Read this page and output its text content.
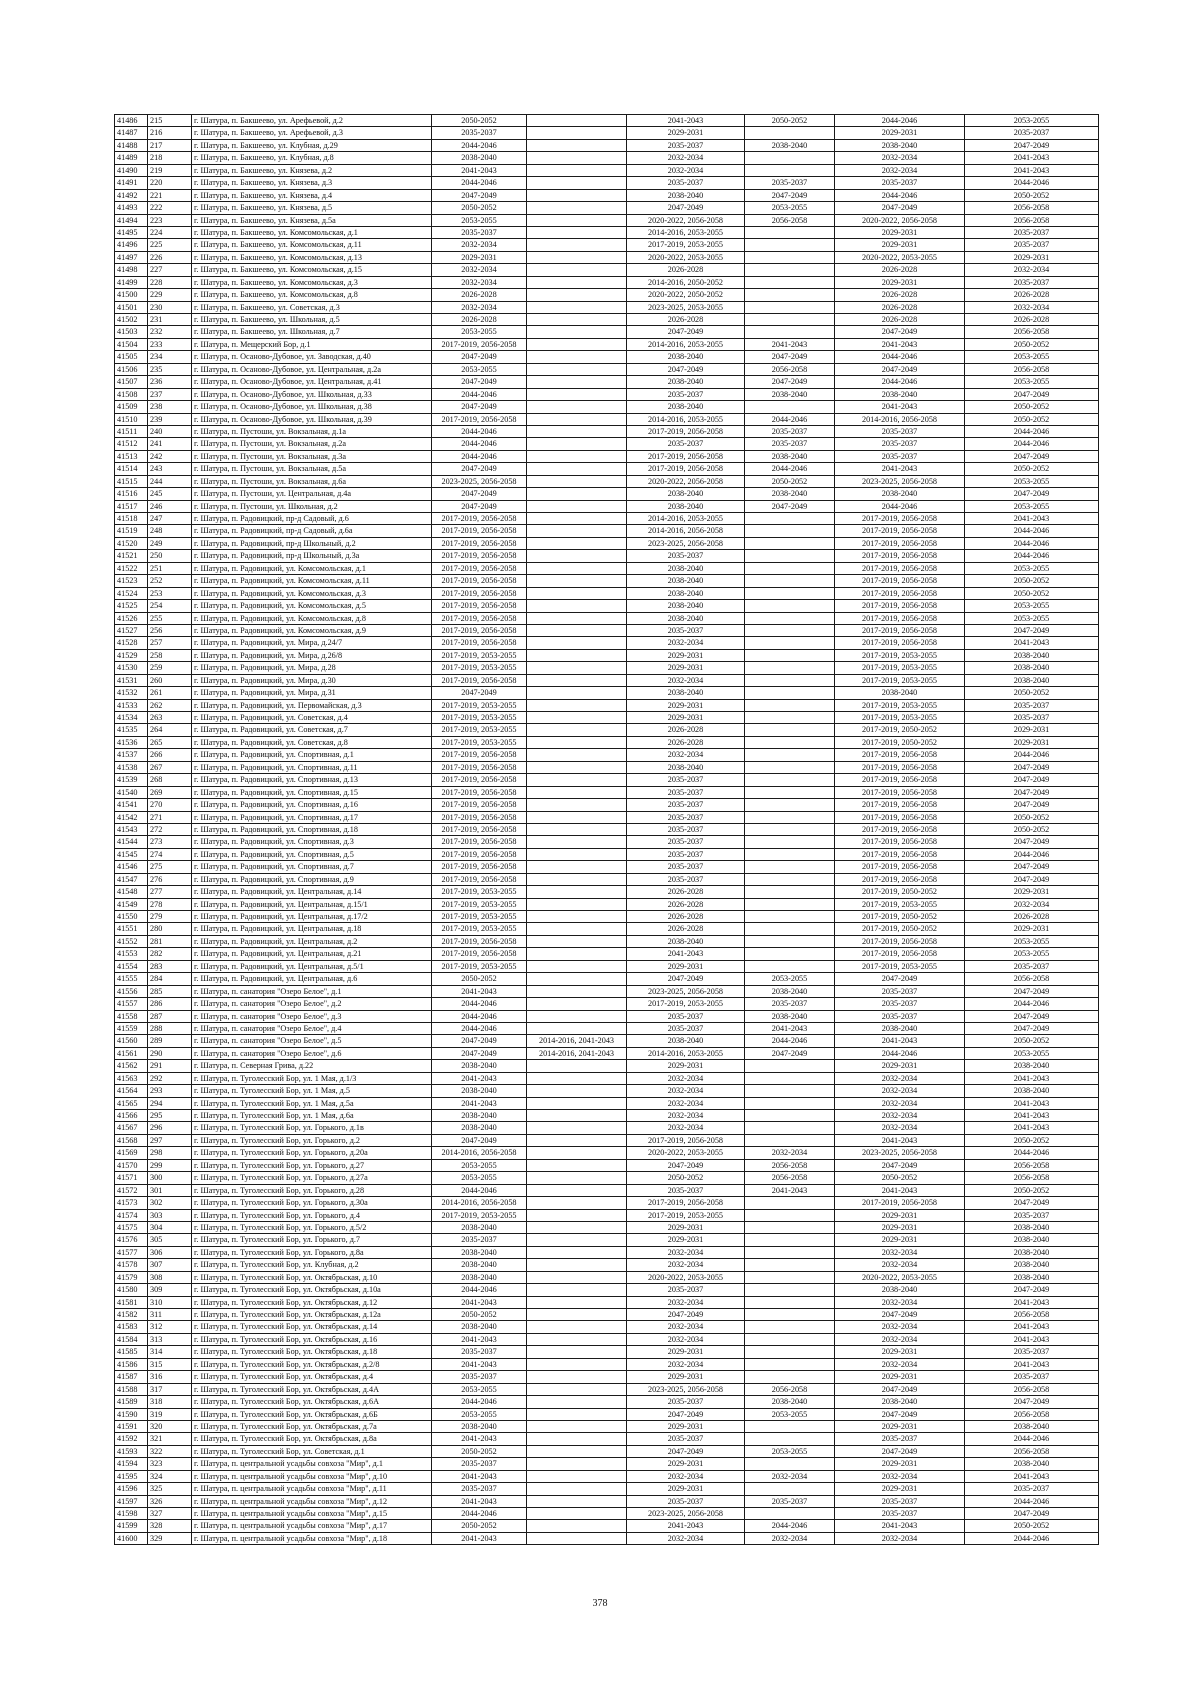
41486	215	г. Шатура, п. Бакшеево, ул. Арефьевой, д.2	2050-2052		2041-2043	2050-2052	2044-2046	2053-2055
41487	216	г. Шатура, п. Бакшеево, ул. Арефьевой, д.3	2035-2037		2029-2031		2029-2031	2035-2037
41488	217	г. Шатура, п. Бакшеево, ул. Клубная, д.29	2044-2046		2035-2037	2038-2040	2038-2040	2047-2049
41489	218	г. Шатура, п. Бакшеево, ул. Клубная, д.8	2038-2040		2032-2034		2032-2034	2041-2043
41490	219	г. Шатура, п. Бакшеево, ул. Князева, д.2	2041-2043		2032-2034		2032-2034	2041-2043
41491	220	г. Шатура, п. Бакшеево, ул. Князева, д.3	2044-2046		2035-2037	2035-2037	2035-2037	2044-2046
41492	221	г. Шатура, п. Бакшеево, ул. Князева, д.4	2047-2049		2038-2040	2047-2049	2044-2046	2050-2052
41493	222	г. Шатура, п. Бакшеево, ул. Князева, д.5	2050-2052		2047-2049	2053-2055	2047-2049	2056-2058
41494	223	г. Шатура, п. Бакшеево, ул. Князева, д.5а	2053-2055		2020-2022, 2056-2058	2056-2058	2020-2022, 2056-2058	2056-2058
41495	224	г. Шатура, п. Бакшеево, ул. Комсомольская, д.1	2035-2037		2014-2016, 2053-2055		2029-2031	2035-2037
41496	225	г. Шатура, п. Бакшеево, ул. Комсомольская, д.11	2032-2034		2017-2019, 2053-2055		2029-2031	2035-2037
41497	226	г. Шатура, п. Бакшеево, ул. Комсомольская, д.13	2029-2031		2020-2022, 2053-2055		2020-2022, 2053-2055	2029-2031
41498	227	г. Шатура, п. Бакшеево, ул. Комсомольская, д.15	2032-2034		2026-2028		2026-2028	2032-2034
41499	228	г. Шатура, п. Бакшеево, ул. Комсомольская, д.3	2032-2034		2014-2016, 2050-2052		2029-2031	2035-2037
41500	229	г. Шатура, п. Бакшеево, ул. Комсомольская, д.8	2026-2028		2020-2022, 2050-2052		2026-2028	2026-2028
41501	230	г. Шатура, п. Бакшеево, ул. Советская, д.3	2032-2034		2023-2025, 2053-2055		2026-2028	2032-2034
41502	231	г. Шатура, п. Бакшеево, ул. Школьная, д.5	2026-2028		2026-2028		2026-2028	2026-2028
41503	232	г. Шатура, п. Бакшеево, ул. Школьная, д.7	2053-2055		2047-2049		2047-2049	2056-2058
41504	233	г. Шатура, п. Мещерский Бор, д.1	2017-2019, 2056-2058		2014-2016, 2053-2055	2041-2043	2041-2043	2050-2052
41505	234	г. Шатура, п. Осаново-Дубовое, ул. Заводская, д.40	2047-2049		2038-2040	2047-2049	2044-2046	2053-2055
41506	235	г. Шатура, п. Осаново-Дубовое, ул. Центральная, д.2а	2053-2055		2047-2049	2056-2058	2047-2049	2056-2058
41507	236	г. Шатура, п. Осаново-Дубовое, ул. Центральная, д.41	2047-2049		2038-2040	2047-2049	2044-2046	2053-2055
41508	237	г. Шатура, п. Осаново-Дубовое, ул. Школьная, д.33	2044-2046		2035-2037	2038-2040	2038-2040	2047-2049
41509	238	г. Шатура, п. Осаново-Дубовое, ул. Школьная, д.38	2047-2049		2038-2040		2041-2043	2050-2052
41510	239	г. Шатура, п. Осаново-Дубовое, ул. Школьная, д.39	2017-2019, 2056-2058		2014-2016, 2053-2055	2044-2046	2014-2016, 2056-2058	2050-2052
41511	240	г. Шатура, п. Пустоши, ул. Вокзальная, д.1а	2044-2046		2017-2019, 2056-2058	2035-2037	2035-2037	2044-2046
41512	241	г. Шатура, п. Пустоши, ул. Вокзальная, д.2а	2044-2046		2035-2037	2035-2037	2035-2037	2044-2046
41513	242	г. Шатура, п. Пустоши, ул. Вокзальная, д.3а	2044-2046		2017-2019, 2056-2058	2038-2040	2035-2037	2047-2049
41514	243	г. Шатура, п. Пустоши, ул. Вокзальная, д.5а	2047-2049		2017-2019, 2056-2058	2044-2046	2041-2043	2050-2052
41515	244	г. Шатура, п. Пустоши, ул. Вокзальная, д.6а	2023-2025, 2056-2058		2020-2022, 2056-2058	2050-2052	2023-2025, 2056-2058	2053-2055
41516	245	г. Шатура, п. Пустоши, ул. Центральная, д.4а	2047-2049		2038-2040	2038-2040	2038-2040	2047-2049
41517	246	г. Шатура, п. Пустоши, ул. Школьная, д.2	2047-2049		2038-2040	2047-2049	2044-2046	2053-2055
41518	247	г. Шатура, п. Радовицкий, пр-д Садовый, д.6	2017-2019, 2056-2058		2014-2016, 2053-2055		2017-2019, 2056-2058	2041-2043
41519	248	г. Шатура, п. Радовицкий, пр-д Садовый, д.6а	2017-2019, 2056-2058		2014-2016, 2056-2058		2017-2019, 2056-2058	2044-2046
41520	249	г. Шатура, п. Радовицкий, пр-д Школьный, д.2	2017-2019, 2056-2058		2023-2025, 2056-2058		2017-2019, 2056-2058	2044-2046
41521	250	г. Шатура, п. Радовицкий, пр-д Школьный, д.3а	2017-2019, 2056-2058		2035-2037		2017-2019, 2056-2058	2044-2046
41522	251	г. Шатура, п. Радовицкий, ул. Комсомольская, д.1	2017-2019, 2056-2058		2038-2040		2017-2019, 2056-2058	2053-2055
41523	252	г. Шатура, п. Радовицкий, ул. Комсомольская, д.11	2017-2019, 2056-2058		2038-2040		2017-2019, 2056-2058	2050-2052
41524	253	г. Шатура, п. Радовицкий, ул. Комсомольская, д.3	2017-2019, 2056-2058		2038-2040		2017-2019, 2056-2058	2050-2052
41525	254	г. Шатура, п. Радовицкий, ул. Комсомольская, д.5	2017-2019, 2056-2058		2038-2040		2017-2019, 2056-2058	2053-2055
41526	255	г. Шатура, п. Радовицкий, ул. Комсомольская, д.8	2017-2019, 2056-2058		2038-2040		2017-2019, 2056-2058	2053-2055
41527	256	г. Шатура, п. Радовицкий, ул. Комсомольская, д.9	2017-2019, 2056-2058		2035-2037		2017-2019, 2056-2058	2047-2049
41528	257	г. Шатура, п. Радовицкий, ул. Мира, д.24/7	2017-2019, 2056-2058		2032-2034		2017-2019, 2056-2058	2041-2043
41529	258	г. Шатура, п. Радовицкий, ул. Мира, д.26/8	2017-2019, 2053-2055		2029-2031		2017-2019, 2053-2055	2038-2040
41530	259	г. Шатура, п. Радовицкий, ул. Мира, д.28	2017-2019, 2053-2055		2029-2031		2017-2019, 2053-2055	2038-2040
41531	260	г. Шатура, п. Радовицкий, ул. Мира, д.30	2017-2019, 2056-2058		2032-2034		2017-2019, 2053-2055	2038-2040
41532	261	г. Шатура, п. Радовицкий, ул. Мира, д.31	2047-2049		2038-2040		2038-2040	2050-2052
41533	262	г. Шатура, п. Радовицкий, ул. Первомайская, д.3	2017-2019, 2053-2055		2029-2031		2017-2019, 2053-2055	2035-2037
41534	263	г. Шатура, п. Радовицкий, ул. Советская, д.4	2017-2019, 2053-2055		2029-2031		2017-2019, 2053-2055	2035-2037
41535	264	г. Шатура, п. Радовицкий, ул. Советская, д.7	2017-2019, 2053-2055		2026-2028		2017-2019, 2050-2052	2029-2031
41536	265	г. Шатура, п. Радовицкий, ул. Советская, д.8	2017-2019, 2053-2055		2026-2028		2017-2019, 2050-2052	2029-2031
41537	266	г. Шатура, п. Радовицкий, ул. Спортивная, д.1	2017-2019, 2056-2058		2032-2034		2017-2019, 2056-2058	2044-2046
41538	267	г. Шатура, п. Радовицкий, ул. Спортивная, д.11	2017-2019, 2056-2058		2038-2040		2017-2019, 2056-2058	2047-2049
41539	268	г. Шатура, п. Радовицкий, ул. Спортивная, д.13	2017-2019, 2056-2058		2035-2037		2017-2019, 2056-2058	2047-2049
41540	269	г. Шатура, п. Радовицкий, ул. Спортивная, д.15	2017-2019, 2056-2058		2035-2037		2017-2019, 2056-2058	2047-2049
41541	270	г. Шатура, п. Радовицкий, ул. Спортивная, д.16	2017-2019, 2056-2058		2035-2037		2017-2019, 2056-2058	2047-2049
41542	271	г. Шатура, п. Радовицкий, ул. Спортивная, д.17	2017-2019, 2056-2058		2035-2037		2017-2019, 2056-2058	2050-2052
41543	272	г. Шатура, п. Радовицкий, ул. Спортивная, д.18	2017-2019, 2056-2058		2035-2037		2017-2019, 2056-2058	2050-2052
41544	273	г. Шатура, п. Радовицкий, ул. Спортивная, д.3	2017-2019, 2056-2058		2035-2037		2017-2019, 2056-2058	2047-2049
41545	274	г. Шатура, п. Радовицкий, ул. Спортивная, д.5	2017-2019, 2056-2058		2035-2037		2017-2019, 2056-2058	2044-2046
41546	275	г. Шатура, п. Радовицкий, ул. Спортивная, д.7	2017-2019, 2056-2058		2035-2037		2017-2019, 2056-2058	2047-2049
41547	276	г. Шатура, п. Радовицкий, ул. Спортивная, д.9	2017-2019, 2056-2058		2035-2037		2017-2019, 2056-2058	2047-2049
41548	277	г. Шатура, п. Радовицкий, ул. Центральная, д.14	2017-2019, 2053-2055		2026-2028		2017-2019, 2050-2052	2029-2031
41549	278	г. Шатура, п. Радовицкий, ул. Центральная, д.15/1	2017-2019, 2053-2055		2026-2028		2017-2019, 2053-2055	2032-2034
41550	279	г. Шатура, п. Радовицкий, ул. Центральная, д.17/2	2017-2019, 2053-2055		2026-2028		2017-2019, 2050-2052	2026-2028
41551	280	г. Шатура, п. Радовицкий, ул. Центральная, д.18	2017-2019, 2053-2055		2026-2028		2017-2019, 2050-2052	2029-2031
41552	281	г. Шатура, п. Радовицкий, ул. Центральная, д.2	2017-2019, 2056-2058		2038-2040		2017-2019, 2056-2058	2053-2055
41553	282	г. Шатура, п. Радовицкий, ул. Центральная, д.21	2017-2019, 2056-2058		2041-2043		2017-2019, 2056-2058	2053-2055
41554	283	г. Шатура, п. Радовицкий, ул. Центральная, д.5/1	2017-2019, 2053-2055		2029-2031		2017-2019, 2053-2055	2035-2037
41555	284	г. Шатура, п. Радовицкий, ул. Центральная, д.6	2050-2052		2047-2049	2053-2055	2047-2049	2056-2058
41556	285	г. Шатура, п. санатория "Озеро Белое", д.1	2041-2043		2023-2025, 2056-2058	2038-2040	2035-2037	2047-2049
41557	286	г. Шатура, п. санатория "Озеро Белое", д.2	2044-2046		2017-2019, 2053-2055	2035-2037	2035-2037	2044-2046
41558	287	г. Шатура, п. санатория "Озеро Белое", д.3	2044-2046		2035-2037	2038-2040	2035-2037	2047-2049
41559	288	г. Шатура, п. санатория "Озеро Белое", д.4	2044-2046		2035-2037	2041-2043	2038-2040	2047-2049
41560	289	г. Шатура, п. санатория "Озеро Белое", д.5	2047-2049	2014-2016, 2041-2043	2038-2040	2044-2046	2041-2043	2050-2052
41561	290	г. Шатура, п. санатория "Озеро Белое", д.6	2047-2049	2014-2016, 2041-2043	2014-2016, 2053-2055	2047-2049	2044-2046	2053-2055
41562	291	г. Шатура, п. Северная Грива, д.22	2038-2040		2029-2031		2029-2031	2038-2040
41563	292	г. Шатура, п. Туголесский Бор, ул. 1 Мая, д.1/3	2041-2043		2032-2034		2032-2034	2041-2043
41564	293	г. Шатура, п. Туголесский Бор, ул. 1 Мая, д.5	2038-2040		2032-2034		2032-2034	2038-2040
41565	294	г. Шатура, п. Туголесский Бор, ул. 1 Мая, д.5а	2041-2043		2032-2034		2032-2034	2041-2043
41566	295	г. Шатура, п. Туголесский Бор, ул. 1 Мая, д.6а	2038-2040		2032-2034		2032-2034	2041-2043
41567	296	г. Шатура, п. Туголесский Бор, ул. Горького, д.1в	2038-2040		2032-2034		2032-2034	2041-2043
41568	297	г. Шатура, п. Туголесский Бор, ул. Горького, д.2	2047-2049		2017-2019, 2056-2058		2041-2043	2050-2052
41569	298	г. Шатура, п. Туголесский Бор, ул. Горького, д.20а	2014-2016, 2056-2058		2020-2022, 2053-2055	2032-2034	2023-2025, 2056-2058	2044-2046
41570	299	г. Шатура, п. Туголесский Бор, ул. Горького, д.27	2053-2055		2047-2049	2056-2058	2047-2049	2056-2058
41571	300	г. Шатура, п. Туголесский Бор, ул. Горького, д.27а	2053-2055		2050-2052	2056-2058	2050-2052	2056-2058
41572	301	г. Шатура, п. Туголесский Бор, ул. Горького, д.28	2044-2046		2035-2037	2041-2043	2041-2043	2050-2052
41573	302	г. Шатура, п. Туголесский Бор, ул. Горького, д.30а	2014-2016, 2056-2058		2017-2019, 2056-2058		2017-2019, 2056-2058	2047-2049
41574	303	г. Шатура, п. Туголесский Бор, ул. Горького, д.4	2017-2019, 2053-2055		2017-2019, 2053-2055		2029-2031	2035-2037
41575	304	г. Шатура, п. Туголесский Бор, ул. Горького, д.5/2	2038-2040		2029-2031		2029-2031	2038-2040
41576	305	г. Шатура, п. Туголесский Бор, ул. Горького, д.7	2035-2037		2029-2031		2029-2031	2038-2040
41577	306	г. Шатура, п. Туголесский Бор, ул. Горького, д.8а	2038-2040		2032-2034		2032-2034	2038-2040
41578	307	г. Шатура, п. Туголесский Бор, ул. Клубная, д.2	2038-2040		2032-2034		2032-2034	2038-2040
41579	308	г. Шатура, п. Туголесский Бор, ул. Октябрьская, д.10	2038-2040		2020-2022, 2053-2055		2020-2022, 2053-2055	2038-2040
41580	309	г. Шатура, п. Туголесский Бор, ул. Октябрьская, д.10а	2044-2046		2035-2037		2038-2040	2047-2049
41581	310	г. Шатура, п. Туголесский Бор, ул. Октябрьская, д.12	2041-2043		2032-2034		2032-2034	2041-2043
41582	311	г. Шатура, п. Туголесский Бор, ул. Октябрьская, д.12а	2050-2052		2047-2049		2047-2049	2056-2058
41583	312	г. Шатура, п. Туголесский Бор, ул. Октябрьская, д.14	2038-2040		2032-2034		2032-2034	2041-2043
41584	313	г. Шатура, п. Туголесский Бор, ул. Октябрьская, д.16	2041-2043		2032-2034		2032-2034	2041-2043
41585	314	г. Шатура, п. Туголесский Бор, ул. Октябрьская, д.18	2035-2037		2029-2031		2029-2031	2035-2037
41586	315	г. Шатура, п. Туголесский Бор, ул. Октябрьская, д.2/8	2041-2043		2032-2034		2032-2034	2041-2043
41587	316	г. Шатура, п. Туголесский Бор, ул. Октябрьская, д.4	2035-2037		2029-2031		2029-2031	2035-2037
41588	317	г. Шатура, п. Туголесский Бор, ул. Октябрьская, д.4А	2053-2055		2023-2025, 2056-2058	2056-2058	2047-2049	2056-2058
41589	318	г. Шатура, п. Туголесский Бор, ул. Октябрьская, д.6А	2044-2046		2035-2037	2038-2040	2038-2040	2047-2049
41590	319	г. Шатура, п. Туголесский Бор, ул. Октябрьская, д.6Б	2053-2055		2047-2049	2053-2055	2047-2049	2056-2058
41591	320	г. Шатура, п. Туголесский Бор, ул. Октябрьская, д.7а	2038-2040		2029-2031		2029-2031	2038-2040
41592	321	г. Шатура, п. Туголесский Бор, ул. Октябрьская, д.8а	2041-2043		2035-2037		2035-2037	2044-2046
41593	322	г. Шатура, п. Туголесский Бор, ул. Советская, д.1	2050-2052		2047-2049	2053-2055	2047-2049	2056-2058
41594	323	г. Шатура, п. центральной усадьбы совхоза "Мир", д.1	2035-2037		2029-2031		2029-2031	2038-2040
41595	324	г. Шатура, п. центральной усадьбы совхоза "Мир", д.10	2041-2043		2032-2034	2032-2034	2032-2034	2041-2043
41596	325	г. Шатура, п. центральной усадьбы совхоза "Мир", д.11	2035-2037		2029-2031		2029-2031	2035-2037
41597	326	г. Шатура, п. центральной усадьбы совхоза "Мир", д.12	2041-2043		2035-2037	2035-2037	2035-2037	2044-2046
41598	327	г. Шатура, п. центральной усадьбы совхоза "Мир", д.15	2044-2046		2023-2025, 2056-2058		2035-2037	2047-2049
41599	328	г. Шатура, п. центральной усадьбы совхоза "Мир", д.17	2050-2052		2041-2043	2044-2046	2041-2043	2050-2052
41600	329	г. Шатура, п. центральной усадьбы совхоза "Мир", д.18	2041-2043		2032-2034	2032-2034	2032-2034	2044-2046
378
